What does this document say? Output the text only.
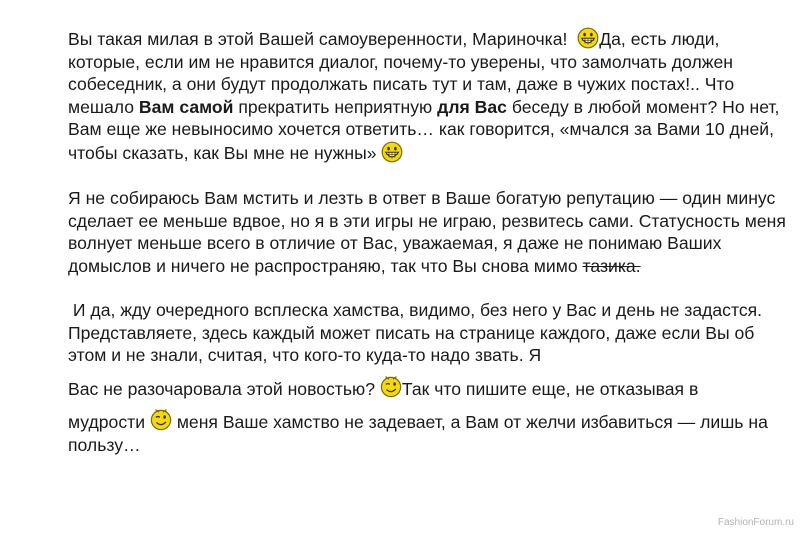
Вы такая милая в этой Вашей самоуверенности, Мариночка! Да, есть люди, которые, если им не нравится диалог, почему-то уверены, что замолчать должен собеседник, а они будут продолжать писать тут и там, даже в чужих постах!.. Что мешало Вам самой прекратить неприятную для Вас беседу в любой момент? Но нет, Вам еще же невыносимо хочется ответить… как говорится, «мчался за Вами 10 дней, чтобы сказать, как Вы мне не нужны»

Я не собираюсь Вам мстить и лезть в ответ в Ваше богатую репутацию — один минус сделает ее меньше вдвое, но я в эти игры не играю, резвитесь сами. Статусность меня волнует меньше всего в отличие от Вас, уважаемая, я даже не понимаю Ваших домыслов и ничего не распространяю, так что Вы снова мимо тазика.

И да, жду очередного всплеска хамства, видимо, без него у Вас и день не задастся. Представляете, здесь каждый может писать на странице каждого, даже если Вы об этом и не знали, считая, что кого-то куда-то надо звать. Я
Вас не разочаровала этой новостью? Так что пишите еще, не отказывая в
мудрости меня Ваше хамство не задевает, а Вам от желчи избавиться — лишь на пользу…

FashionForum.ru
